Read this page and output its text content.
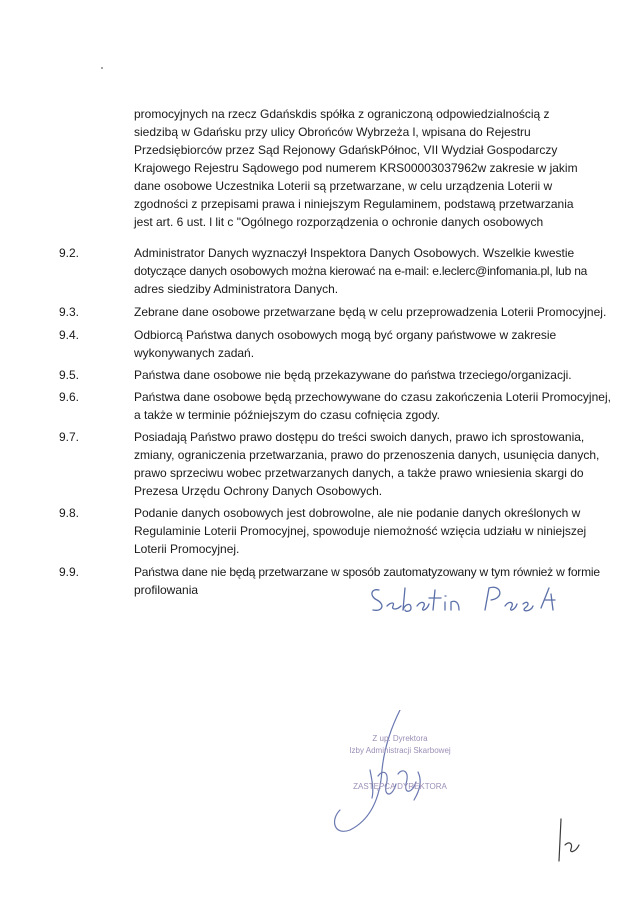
promocyjnych na rzecz Gdańskdis spółka z ograniczoną odpowiedzialnością z

siedzibą w Gdańsku przy ulicy Obrońców Wybrzeża l, wpisana do Rejestru

Przedsiębiorców przez Sąd Rejonowy GdańskPółnoc, VII Wydział Gospodarczy

Krajowego Rejestru Sądowego pod numerem KRS00003037962w zakresie w jakim

dane osobowe Uczestnika Loterii są przetwarzane, w celu urządzenia Loterii w

zgodności z przepisami prawa i niniejszym Regulaminem, podstawą przetwarzania

jest art. 6 ust. l lit c "Ogólnego rozporządzenia o ochronie danych osobowych

9.2.	Administrator Danych wyznaczył Inspektora Danych Osobowych. Wszelkie kwestie
dotyczące danych osobowych można kierować na e-mail: e.leclerc@infomania.pl, lub na
adres siedziby Administratora Danych.
9.3.	Zebrane dane osobowe przetwarzane będą w celu przeprowadzenia Loterii Promocyjnej.
9.4.	Odbiorcą Państwa danych osobowych mogą być organy państwowe w zakresie
wykonywanych zadań.
9.5.	Państwa dane osobowe nie będą przekazywane do państwa trzeciego/organizacji.
9.6.	Państwa dane osobowe będą przechowywane do czasu zakończenia Loterii Promocyjnej,
a także w terminie późniejszym do czasu cofnięcia zgody.
9.7.	Posiadają Państwo prawo dostępu do treści swoich danych, prawo ich sprostowania,
zmiany, ograniczenia przetwarzania, prawo do przenoszenia danych, usunięcia danych,
prawo sprzeciwu wobec przetwarzanych danych, a także prawo wniesienia skargi do
Prezesa Urzędu Ochrony Danych Osobowych.
9.8.	Podanie danych osobowych jest dobrowolne, ale nie podanie danych określonych w
Regulaminie Loterii Promocyjnej, spowoduje niemożność wzięcia udziału w niniejszej
Loterii Promocyjnej.
9.9.	Państwa dane nie będą przetwarzane w sposób zautomatyzowany w tym również w formie
profilowania
Z up. Dyrektora
Izby Administracji Skarbowej
ZASTĘPCA DYREKTORA
